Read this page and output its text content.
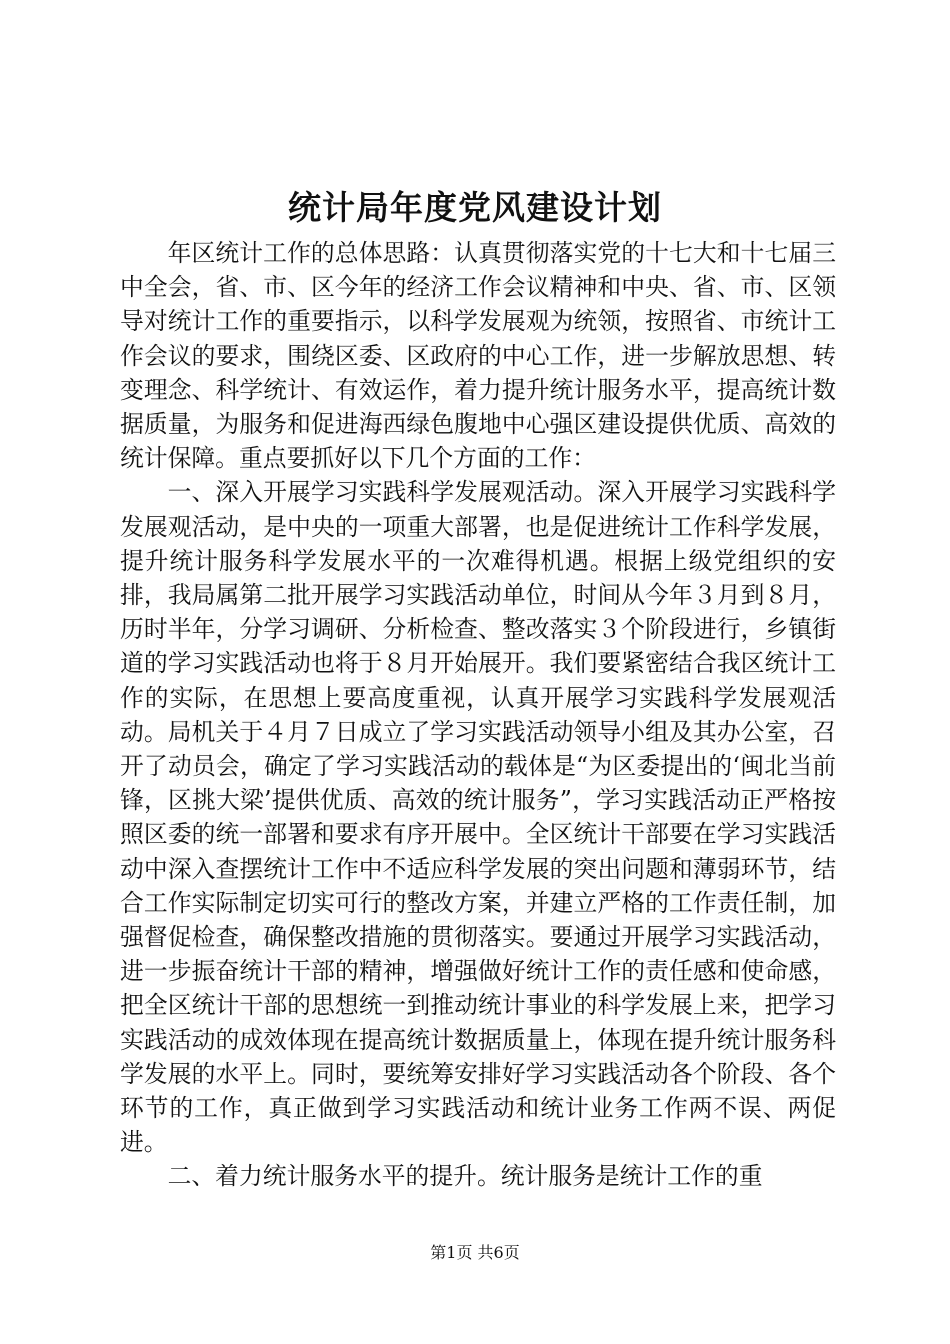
统计局年度党风建设计划

年区统计工作的总体思路：认真贯彻落实党的十七大和十七届三中全会，省、市、区今年的经济工作会议精神和中央、省、市、区领导对统计工作的重要指示，以科学发展观为统领，按照省、市统计工作会议的要求，围绕区委、区政府的中心工作，进一步解放思想、转变理念、科学统计、有效运作，着力提升统计服务水平，提高统计数据质量，为服务和促进海西绿色腹地中心强区建设提供优质、高效的统计保障。重点要抓好以下几个方面的工作：

一、深入开展学习实践科学发展观活动。深入开展学习实践科学发展观活动，是中央的一项重大部署，也是促进统计工作科学发展，提升统计服务科学发展水平的一次难得机遇。根据上级党组织的安排，我局属第二批开展学习实践活动单位，时间从今年３月到８月，历时半年，分学习调研、分析检查、整改落实３个阶段进行，乡镇街道的学习实践活动也将于８月开始展开。我们要紧密结合我区统计工作的实际，在思想上要高度重视，认真开展学习实践科学发展观活动。局机关于４月７日成立了学习实践活动领导小组及其办公室，召开了动员会，确定了学习实践活动的载体是“为区委提出的‘闽北当前锋，区挑大梁’提供优质、高效的统计服务”，学习实践活动正严格按照区委的统一部署和要求有序开展中。全区统计干部要在学习实践活动中深入查摆统计工作中不适应科学发展的突出问题和薄弱环节，结合工作实际制定切实可行的整改方案，并建立严格的工作责任制，加强督促检查，确保整改措施的贯彻落实。要通过开展学习实践活动，进一步振奋统计干部的精神，增强做好统计工作的责任感和使命感，把全区统计干部的思想统一到推动统计事业的科学发展上来，把学习实践活动的成效体现在提高统计数据质量上，体现在提升统计服务科学发展的水平上。同时，要统筹安排好学习实践活动各个阶段、各个环节的工作，真正做到学习实践活动和统计业务工作两不误、两促进。

二、着力统计服务水平的提升。统计服务是统计工作的重

第1页 共6页
